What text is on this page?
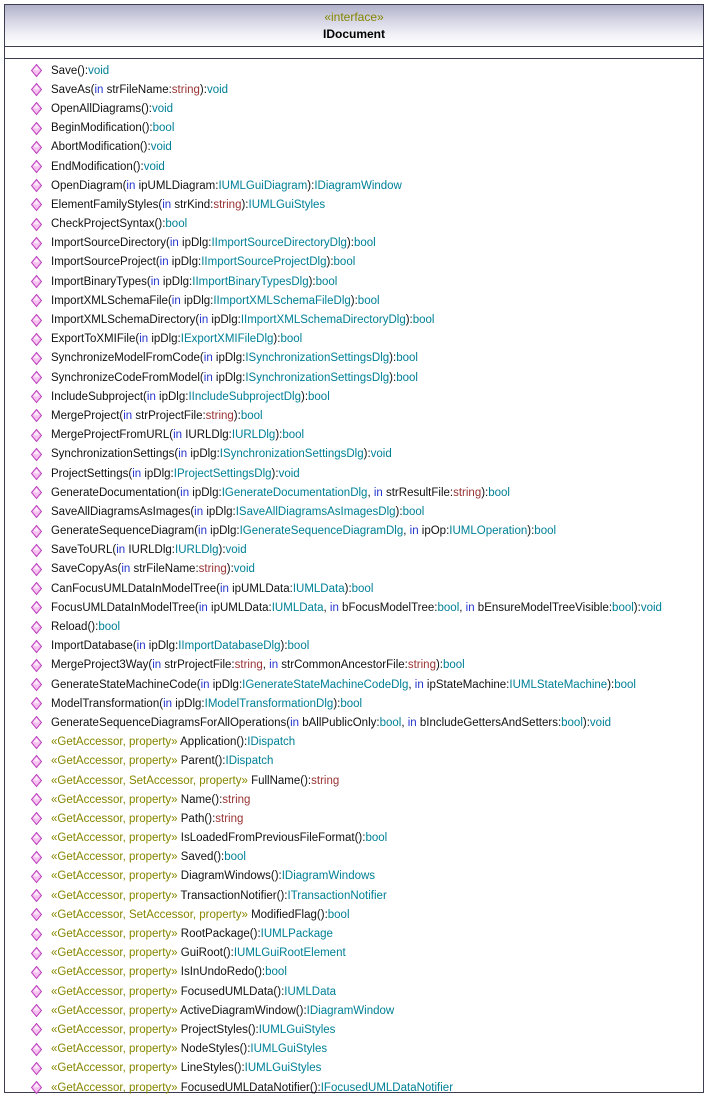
«interface»
IDocument
Save():void
SaveAs(in strFileName:string):void
OpenAllDiagrams():void
BeginModification():bool
AbortModification():void
EndModification():void
OpenDiagram(in ipUMLDiagram:IUMLGuiDiagram):IDiagramWindow
ElementFamilyStyles(in strKind:string):IUMLGuiStyles
CheckProjectSyntax():bool
ImportSourceDirectory(in ipDlg:IImportSourceDirectoryDlg):bool
ImportSourceProject(in ipDlg:IImportSourceProjectDlg):bool
ImportBinaryTypes(in ipDlg:IImportBinaryTypesDlg):bool
ImportXMLSchemaFile(in ipDlg:IImportXMLSchemaFileDlg):bool
ImportXMLSchemaDirectory(in ipDlg:IImportXMLSchemaDirectoryDlg):bool
ExportToXMIFile(in ipDlg:IExportXMIFileDlg):bool
SynchronizeModelFromCode(in ipDlg:ISynchronizationSettingsDlg):bool
SynchronizeCodeFromModel(in ipDlg:ISynchronizationSettingsDlg):bool
IncludeSubproject(in ipDlg:IIncludeSubprojectDlg):bool
MergeProject(in strProjectFile:string):bool
MergeProjectFromURL(in IURLDlg:IURLDlg):bool
SynchronizationSettings(in ipDlg:ISynchronizationSettingsDlg):void
ProjectSettings(in ipDlg:IProjectSettingsDlg):void
GenerateDocumentation(in ipDlg:IGenerateDocumentationDlg, in strResultFile:string):bool
SaveAllDiagramsAsImages(in ipDlg:ISaveAllDiagramsAsImagesDlg):bool
GenerateSequenceDiagram(in ipDlg:IGenerateSequenceDiagramDlg, in ipOp:IUMLOperation):bool
SaveToURL(in IURLDlg:IURLDlg):void
SaveCopyAs(in strFileName:string):void
CanFocusUMLDataInModelTree(in ipUMLData:IUMLData):bool
FocusUMLDataInModelTree(in ipUMLData:IUMLData, in bFocusModelTree:bool, in bEnsureModelTreeVisible:bool):void
Reload():bool
ImportDatabase(in ipDlg:IImportDatabaseDlg):bool
MergeProject3Way(in strProjectFile:string, in strCommonAncestorFile:string):bool
GenerateStateMachineCode(in ipDlg:IGenerateStateMachineCodeDlg, in ipStateMachine:IUMLStateMachine):bool
ModelTransformation(in ipDlg:IModelTransformationDlg):bool
GenerateSequenceDiagramsForAllOperations(in bAllPublicOnly:bool, in bIncludeGettersAndSetters:bool):void
«GetAccessor, property» Application():IDispatch
«GetAccessor, property» Parent():IDispatch
«GetAccessor, SetAccessor, property» FullName():string
«GetAccessor, property» Name():string
«GetAccessor, property» Path():string
«GetAccessor, property» IsLoadedFromPreviousFileFormat():bool
«GetAccessor, property» Saved():bool
«GetAccessor, property» DiagramWindows():IDiagramWindows
«GetAccessor, property» TransactionNotifier():ITransactionNotifier
«GetAccessor, SetAccessor, property» ModifiedFlag():bool
«GetAccessor, property» RootPackage():IUMLPackage
«GetAccessor, property» GuiRoot():IUMLGuiRootElement
«GetAccessor, property» IsInUndoRedo():bool
«GetAccessor, property» FocusedUMLData():IUMLData
«GetAccessor, property» ActiveDiagramWindow():IDiagramWindow
«GetAccessor, property» ProjectStyles():IUMLGuiStyles
«GetAccessor, property» NodeStyles():IUMLGuiStyles
«GetAccessor, property» LineStyles():IUMLGuiStyles
«GetAccessor, property» FocusedUMLDataNotifier():IFocusedUMLDataNotifier
